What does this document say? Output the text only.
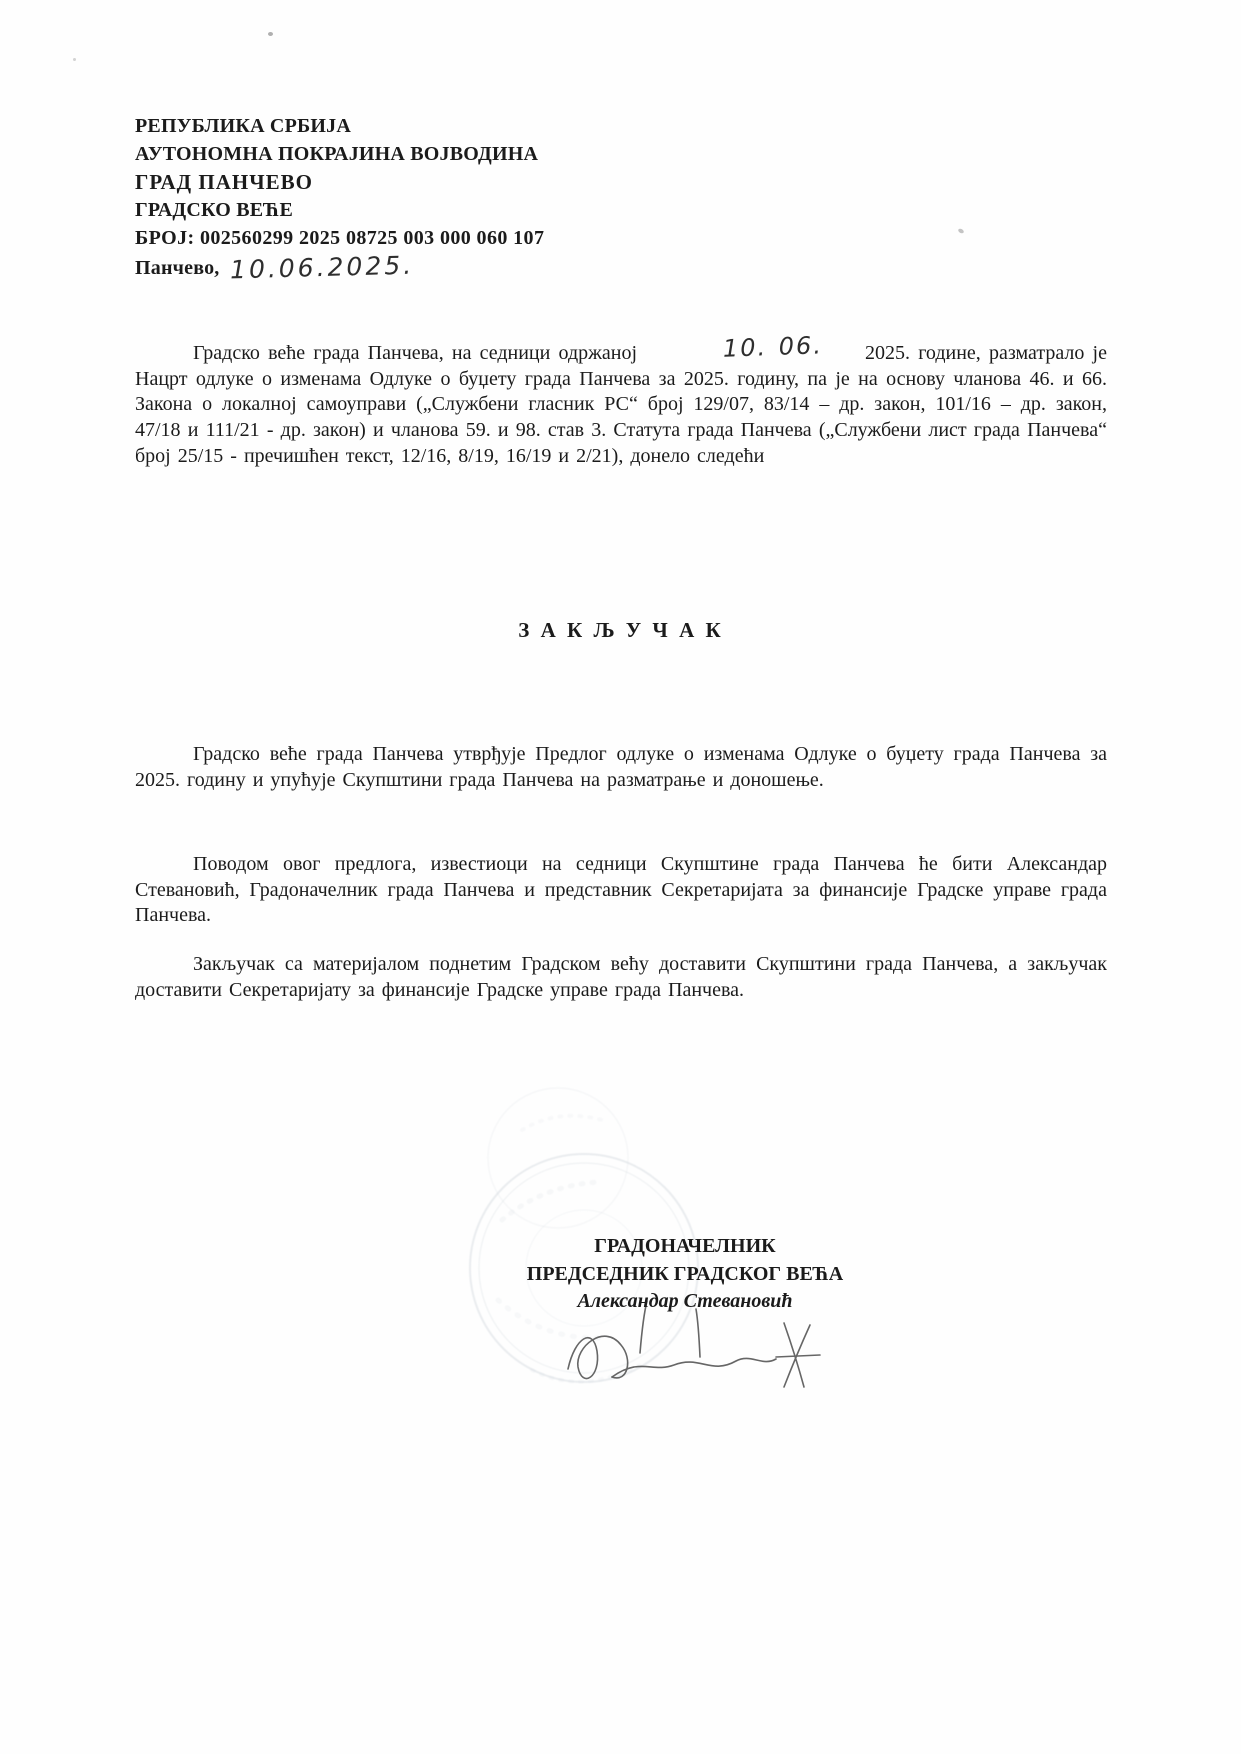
РЕПУБЛИКА СРБИЈА
АУТОНОМНА ПОКРАЈИНА ВОЈВОДИНА
ГРАД ПАНЧЕВО
ГРАДСКО ВЕЋЕ
БРОЈ: 002560299 2025 08725 003 000 060 107
Панчево, 10.06.2025.

Градско веће града Панчева, на седници одржаној	10. 06. 2025. године, разматрало је Нацрт одлуке о изменама Одлуке о буџету града Панчева за 2025. годину, па је на основу чланова 46. и 66. Закона о локалној самоуправи („Службени гласник РС“ број 129/07, 83/14 – др. закон, 101/16 – др. закон, 47/18 и 111/21 - др. закон) и чланова 59. и 98. став 3. Статута града Панчева („Службени лист града Панчева“ број 25/15 - пречишћен текст, 12/16, 8/19, 16/19 и 2/21), донело следећи

З А К Љ У Ч А К

Градско веће града Панчева утврђује Предлог одлуке о изменама Одлуке о буџету града Панчева за 2025. годину и упућује Скупштини града Панчева на разматрање и доношење.

Поводом овог предлога, известиоци на седници Скупштине града Панчева ће бити Александар Стевановић, Градоначелник града Панчева и представник Секретаријата за финансије Градске управе града Панчева.

Закључак са материјалом поднетим Градском већу доставити Скупштини града Панчева, а закључак доставити Секретаријату за финансије Градске управе града Панчева.

ГРАДОНАЧЕЛНИК
ПРЕДСЕДНИК ГРАДСКОГ ВЕЋА
Александар Стевановић
